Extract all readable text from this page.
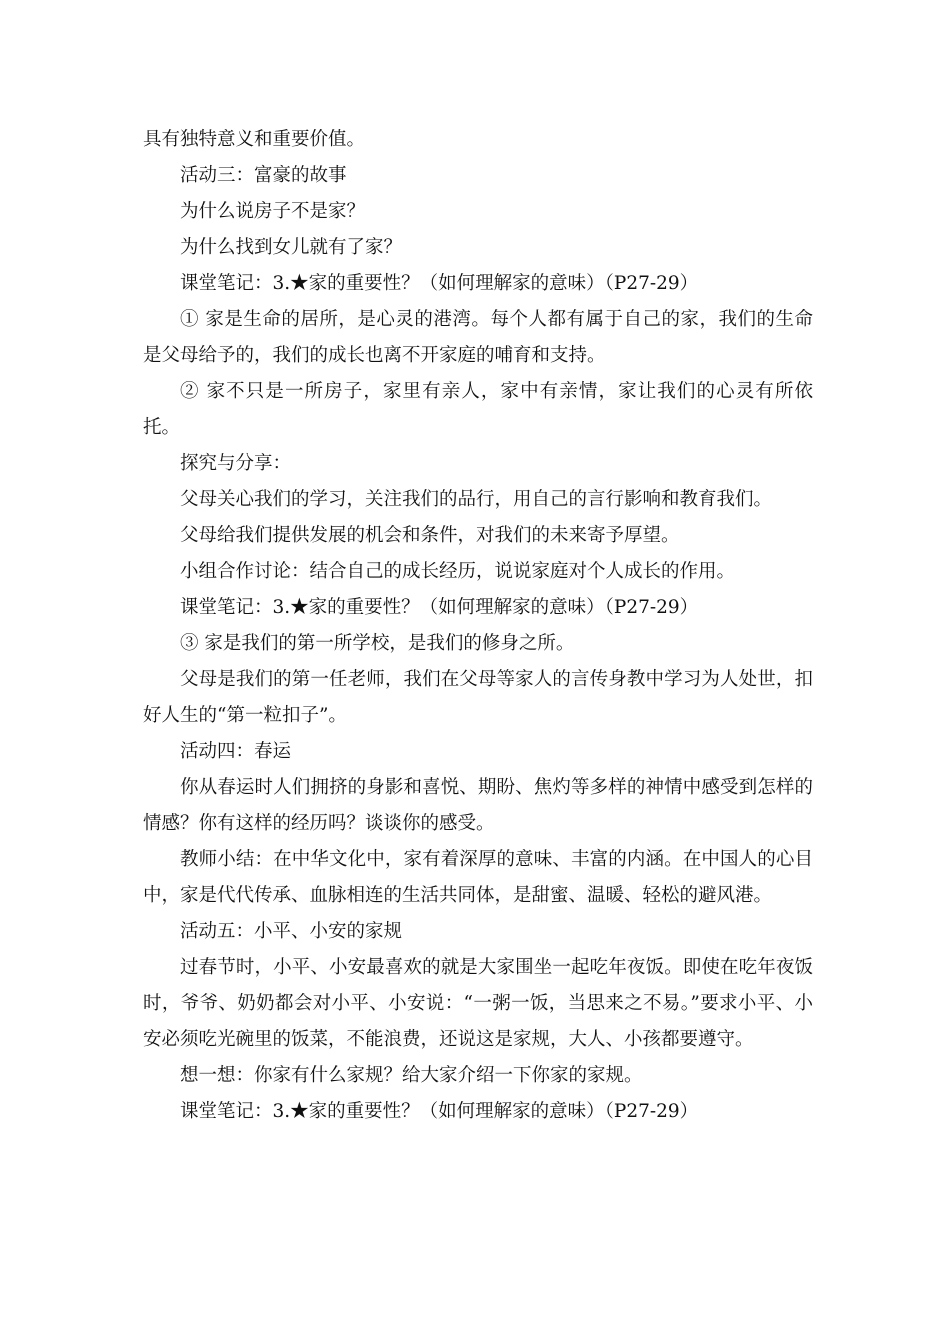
具有独特意义和重要价值。

活动三：富豪的故事

为什么说房子不是家？

为什么找到女儿就有了家？

课堂笔记：3.★家的重要性？（如何理解家的意味）（P27-29）

① 家是生命的居所，是心灵的港湾。每个人都有属于自己的家，我们的生命是父母给予的，我们的成长也离不开家庭的哺育和支持。

② 家不只是一所房子，家里有亲人，家中有亲情，家让我们的心灵有所依托。

探究与分享：

父母关心我们的学习，关注我们的品行，用自己的言行影响和教育我们。

父母给我们提供发展的机会和条件，对我们的未来寄予厚望。

小组合作讨论：结合自己的成长经历，说说家庭对个人成长的作用。

课堂笔记：3.★家的重要性？（如何理解家的意味）（P27-29）

③ 家是我们的第一所学校，是我们的修身之所。

父母是我们的第一任老师，我们在父母等家人的言传身教中学习为人处世，扣好人生的“第一粒扣子”。

活动四：春运

你从春运时人们拥挤的身影和喜悦、期盼、焦灼等多样的神情中感受到怎样的情感？你有这样的经历吗？谈谈你的感受。

教师小结：在中华文化中，家有着深厚的意味、丰富的内涵。在中国人的心目中，家是代代传承、血脉相连的生活共同体，是甜蜜、温暖、轻松的避风港。

活动五：小平、小安的家规

过春节时，小平、小安最喜欢的就是大家围坐一起吃年夜饭。即使在吃年夜饭时，爷爷、奶奶都会对小平、小安说：“一粥一饭，当思来之不易。”要求小平、小安必须吃光碗里的饭菜，不能浪费，还说这是家规，大人、小孩都要遵守。

想一想：你家有什么家规？给大家介绍一下你家的家规。

课堂笔记：3.★家的重要性？（如何理解家的意味）（P27-29）
